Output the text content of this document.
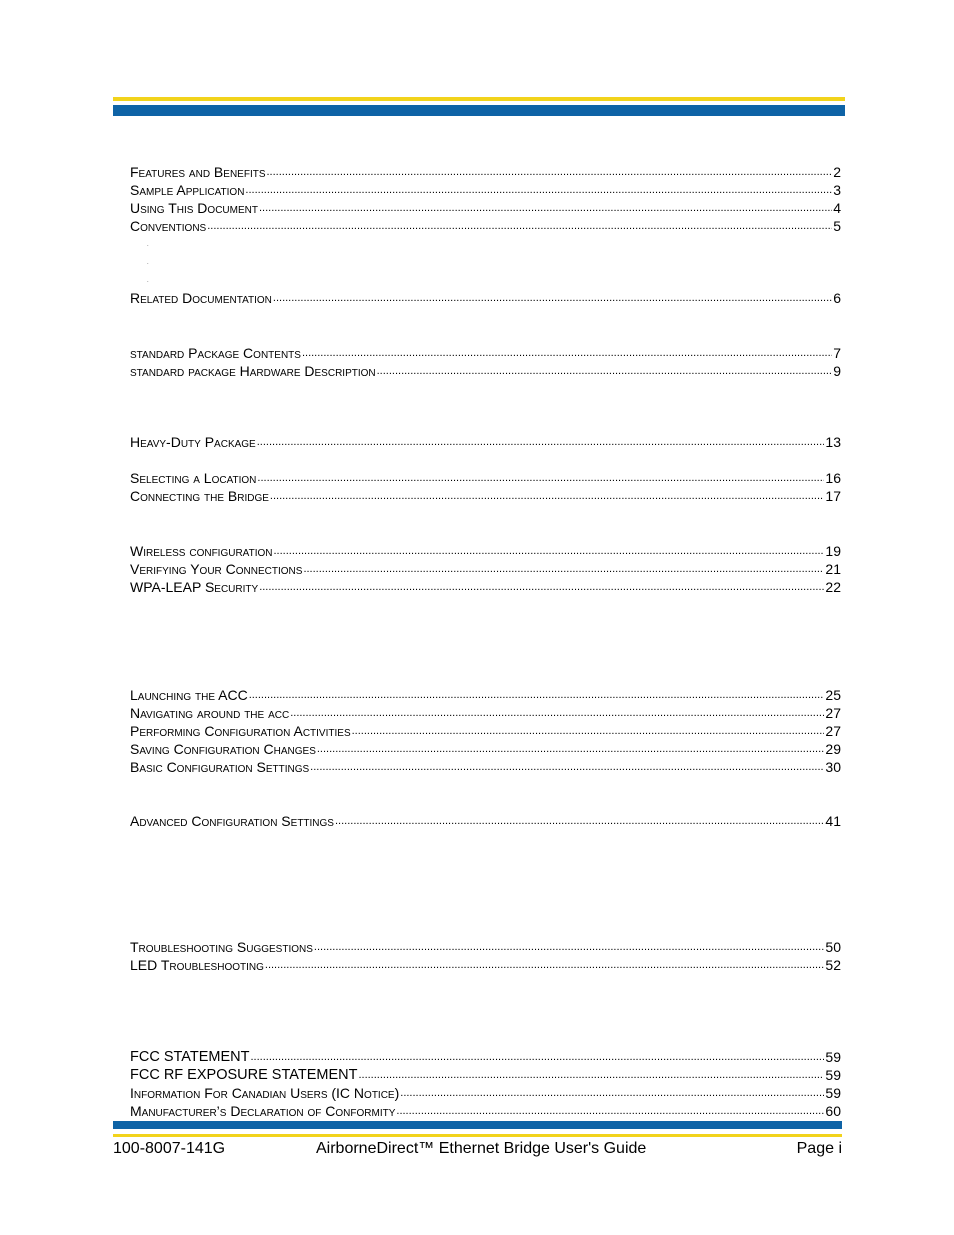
Features and Benefits .....	2
Sample Application .....	3
Using This Document .....	4
Conventions .....	5
.
.
.
Related Documentation .....	6
standard Package Contents .....	7
standard package Hardware Description .....	9
Heavy-Duty Package .....	13
Selecting a Location .....	16
Connecting the Bridge .....	17
Wireless configuration .....	19
Verifying Your Connections .....	21
WPA-LEAP Security .....	22
Launching the ACC .....	25
Navigating around the acc .....	27
Performing Configuration Activities .....	27
Saving Configuration Changes .....	29
Basic Configuration Settings .....	30
Advanced Configuration Settings .....	41
Troubleshooting Suggestions .....	50
LED Troubleshooting .....	52
FCC STATEMENT .....	59
FCC RF EXPOSURE STATEMENT .....	59
Information For Canadian Users (IC Notice) .....	59
Manufacturer’s Declaration of Conformity .....	60
100-8007-141G	AirborneDirect™ Ethernet Bridge User's Guide	Page i
